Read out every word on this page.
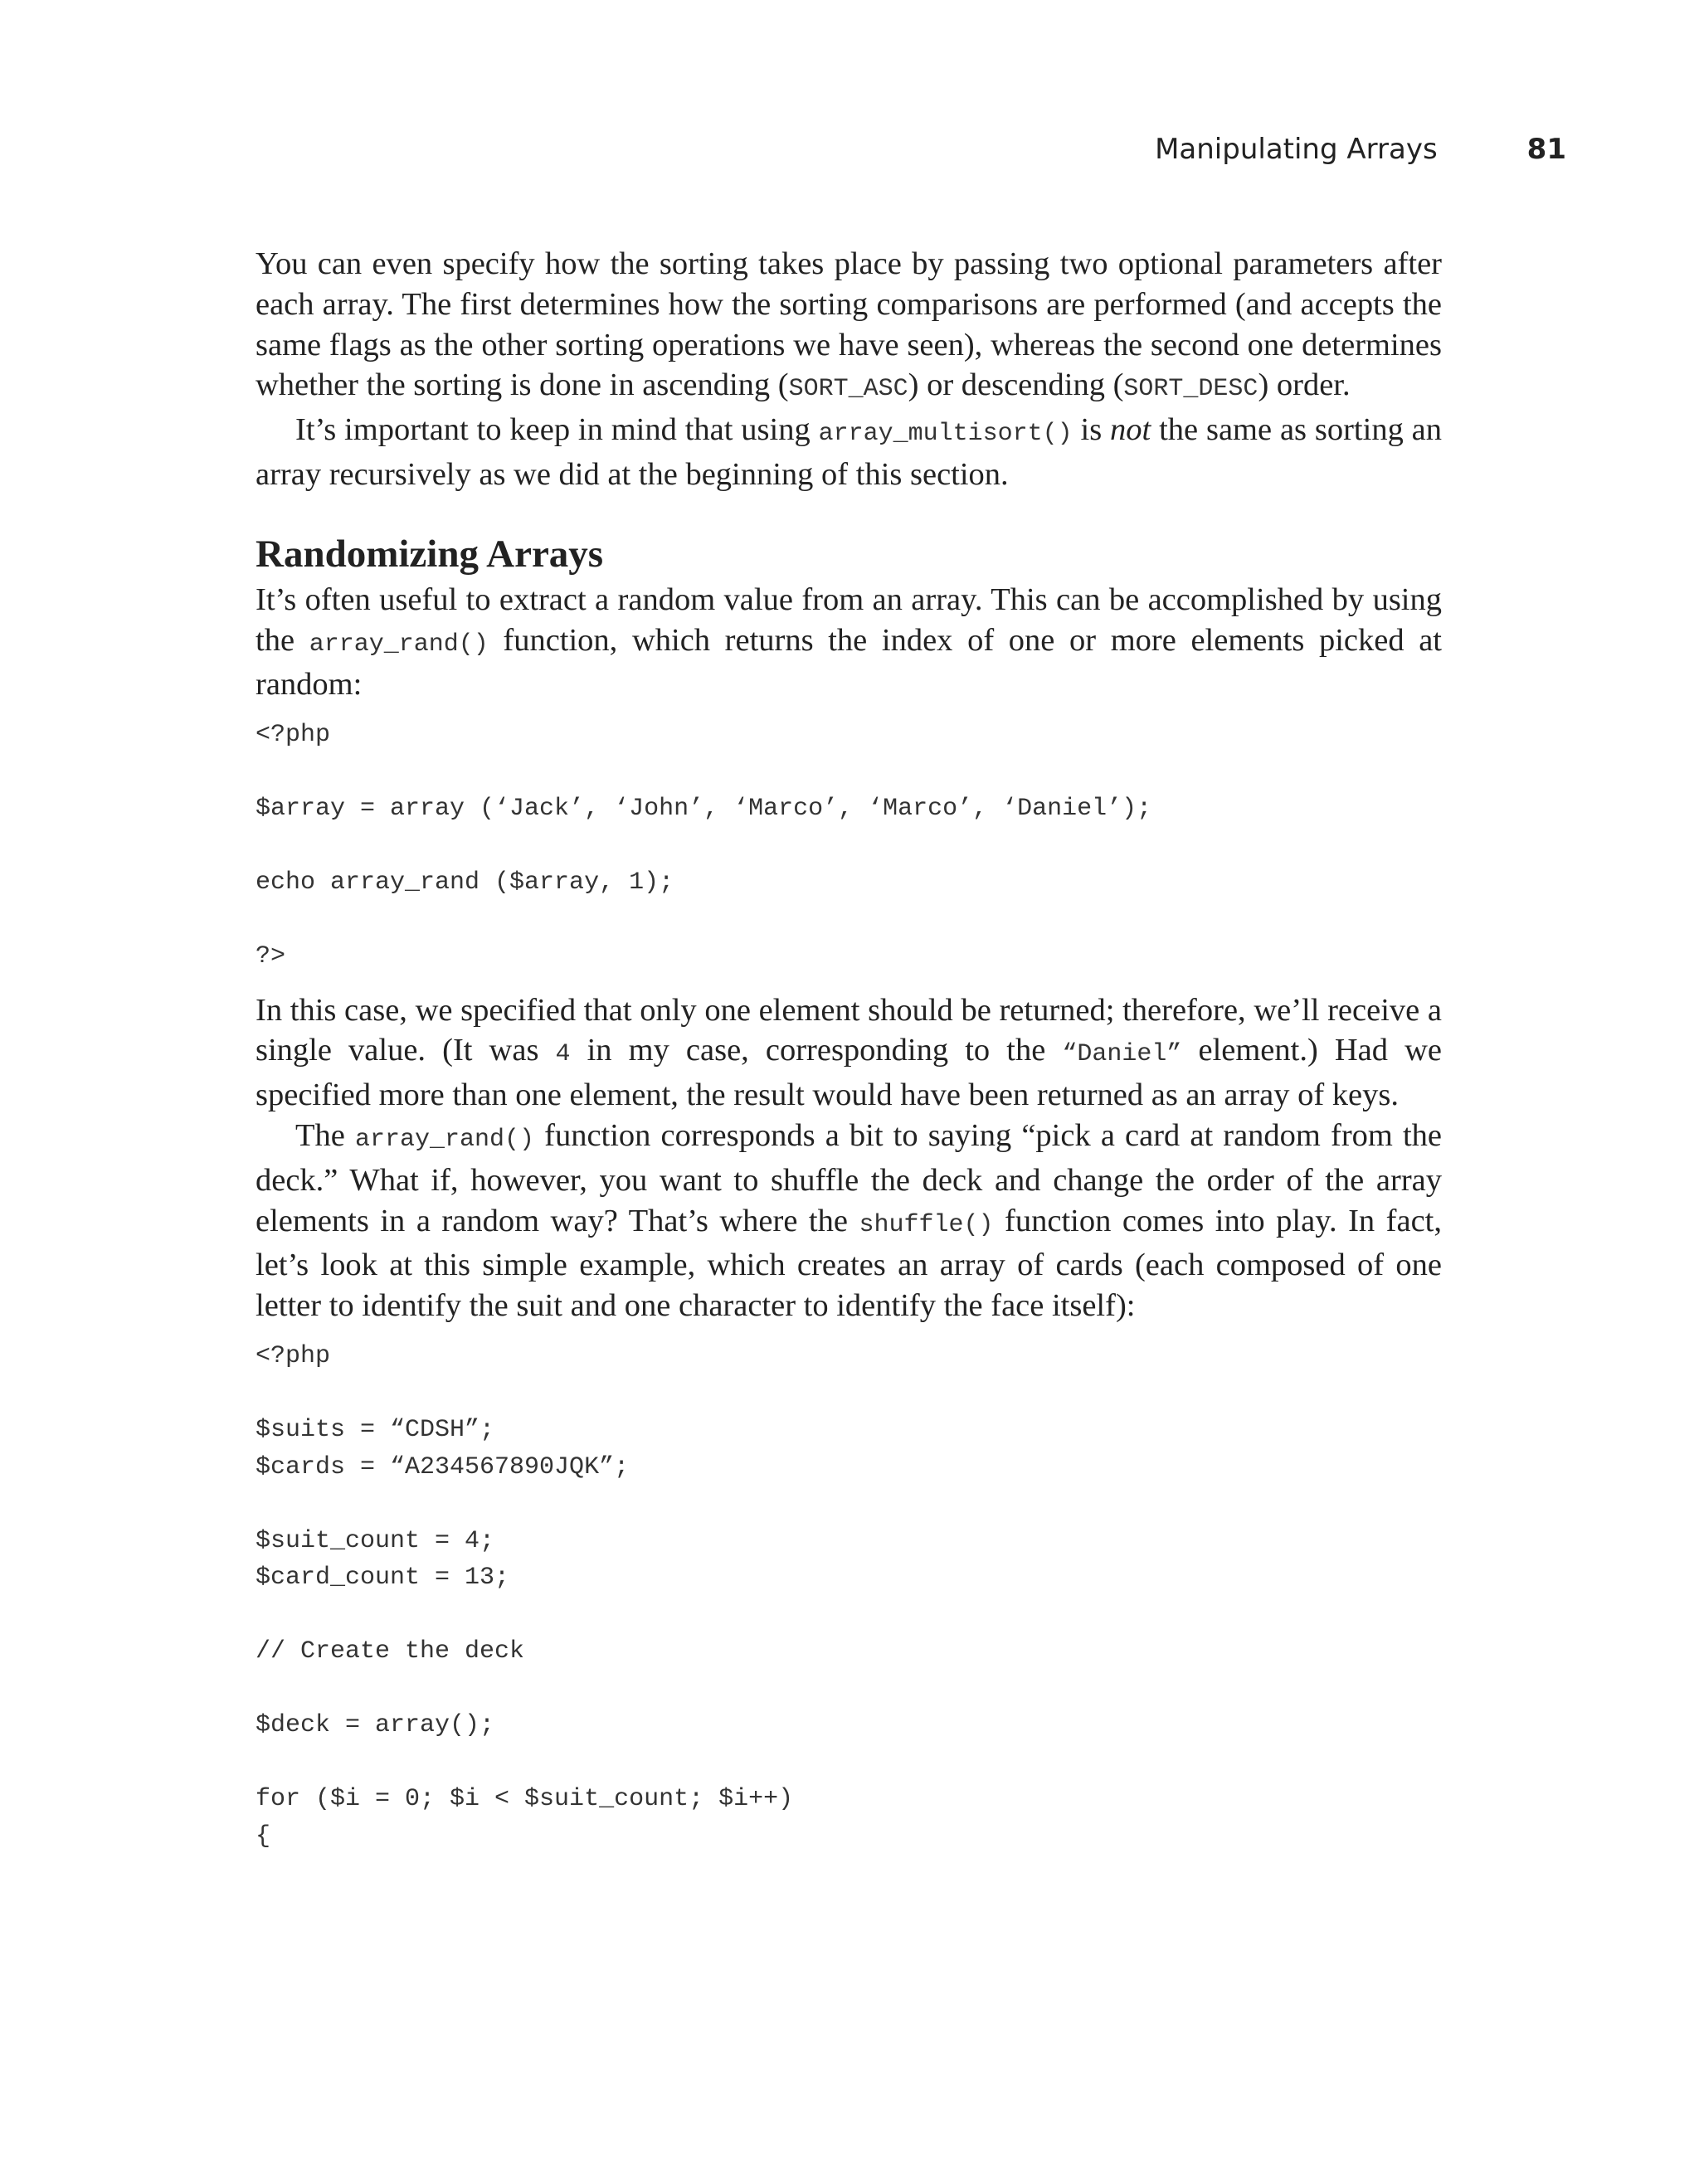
Manipulating Arrays	81

You can even specify how the sorting takes place by passing two optional parameters after each array. The first determines how the sorting comparisons are performed (and accepts the same flags as the other sorting operations we have seen), whereas the second one determines whether the sorting is done in ascending (SORT_ASC) or descending (SORT_DESC) order.

It’s important to keep in mind that using array_multisort() is not the same as sorting an array recursively as we did at the beginning of this section.

Randomizing Arrays

It’s often useful to extract a random value from an array. This can be accomplished by using the array_rand() function, which returns the index of one or more elements picked at random:

<?php

$array = array (‘Jack’, ‘John’, ‘Marco’, ‘Marco’, ‘Daniel’);

echo array_rand ($array, 1);

?>

In this case, we specified that only one element should be returned; therefore, we’ll receive a single value. (It was 4 in my case, corresponding to the “Daniel” element.) Had we specified more than one element, the result would have been returned as an array of keys.

The array_rand() function corresponds a bit to saying “pick a card at random from the deck.” What if, however, you want to shuffle the deck and change the order of the array elements in a random way? That’s where the shuffle() function comes into play. In fact, let’s look at this simple example, which creates an array of cards (each composed of one letter to identify the suit and one character to identify the face itself):

<?php

$suits = “CDSH”;
$cards = “A234567890JQK”;

$suit_count = 4;
$card_count = 13;

// Create the deck

$deck = array();

for ($i = 0; $i < $suit_count; $i++)
{
